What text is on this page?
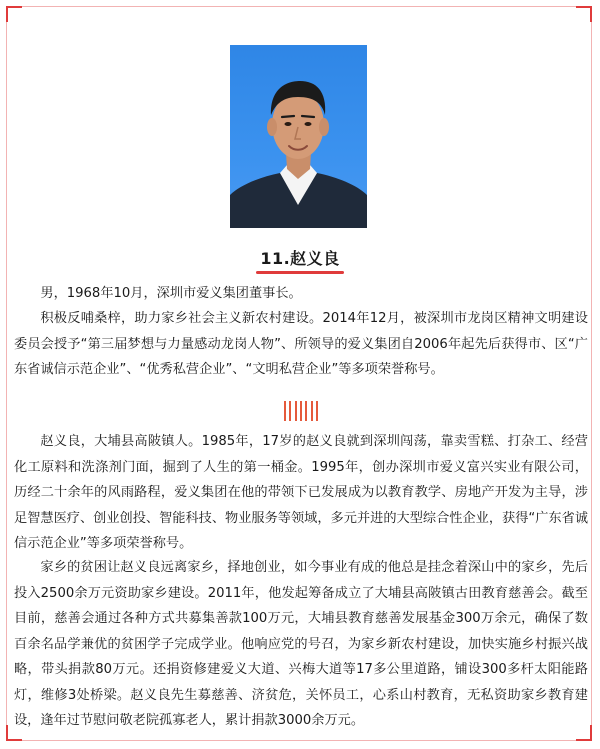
11.赵义良

男，1968年10月，深圳市爱义集团董事长。

积极反哺桑梓，助力家乡社会主义新农村建设。2014年12月，被深圳市龙岗区精神文明建设委员会授予“第三届梦想与力量感动龙岗人物”、所领导的爱义集团自2006年起先后获得市、区“广东省诚信示范企业”、“优秀私营企业”、“文明私营企业”等多项荣誉称号。

赵义良，大埔县高陂镇人。1985年，17岁的赵义良就到深圳闯荡，靠卖雪糕、打杂工、经营化工原料和洗涤剂门面，掘到了人生的第一桶金。1995年，创办深圳市爱义富兴实业有限公司，历经二十余年的风雨路程，爱义集团在他的带领下已发展成为以教育教学、房地产开发为主导，涉足智慧医疗、创业创投、智能科技、物业服务等领域，多元并进的大型综合性企业，获得“广东省诚信示范企业”等多项荣誉称号。

家乡的贫困让赵义良远离家乡，择地创业，如今事业有成的他总是挂念着深山中的家乡，先后投入2500余万元资助家乡建设。2011年，他发起筹备成立了大埔县高陂镇古田教育慈善会。截至目前，慈善会通过各种方式共募集善款100万元，大埔县教育慈善发展基金300万余元，确保了数百余名品学兼优的贫困学子完成学业。他响应党的号召，为家乡新农村建设，加快实施乡村振兴战略，带头捐款80万元。还捐资修建爱义大道、兴梅大道等17多公里道路，铺设300多杆太阳能路灯，维修3处桥梁。赵义良先生募慈善、济贫危，关怀员工，心系山村教育，无私资助家乡教育建设，逢年过节慰问敬老院孤寡老人，累计捐款3000余万元。
